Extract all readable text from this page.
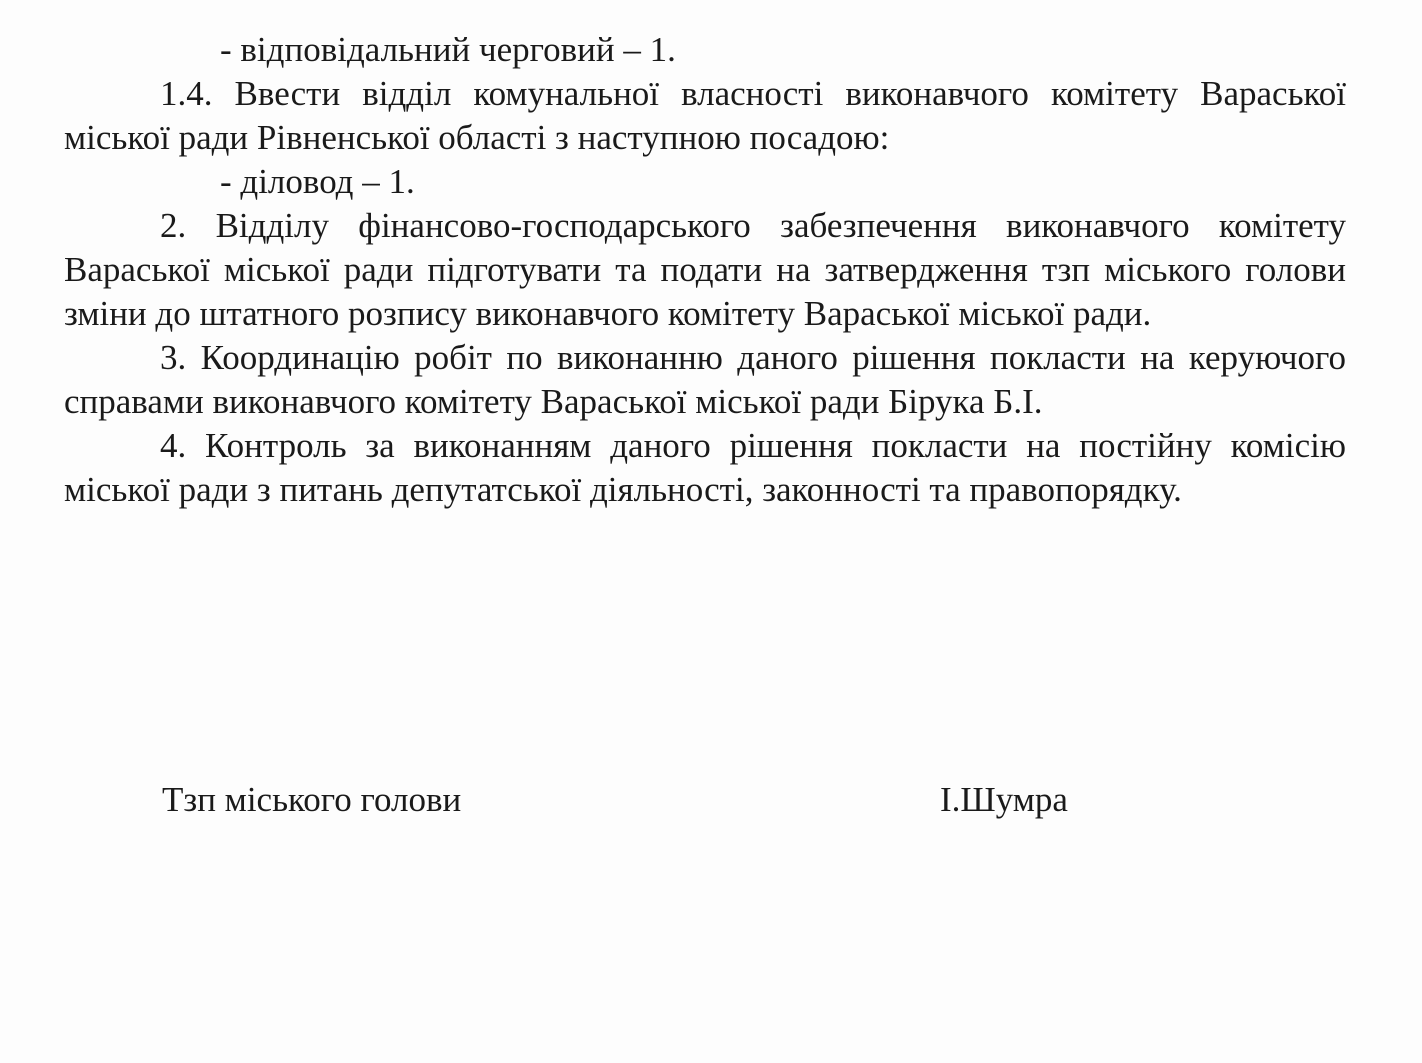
- відповідальний черговий – 1.

1.4. Ввести відділ комунальної власності виконавчого комітету Вараської міської ради Рівненської області з наступною посадою:

- діловод – 1.

2. Відділу фінансово-господарського забезпечення виконавчого комітету Вараської міської ради підготувати та подати на затвердження тзп міського голови зміни до штатного розпису виконавчого комітету Вараської міської ради.

3. Координацію робіт по виконанню даного рішення покласти на керуючого справами виконавчого комітету Вараської міської ради Бірука Б.І.

4. Контроль за виконанням даного рішення покласти на постійну комісію міської ради з питань депутатської діяльності, законності та правопорядку.

Тзп міського голови	І.Шумра
